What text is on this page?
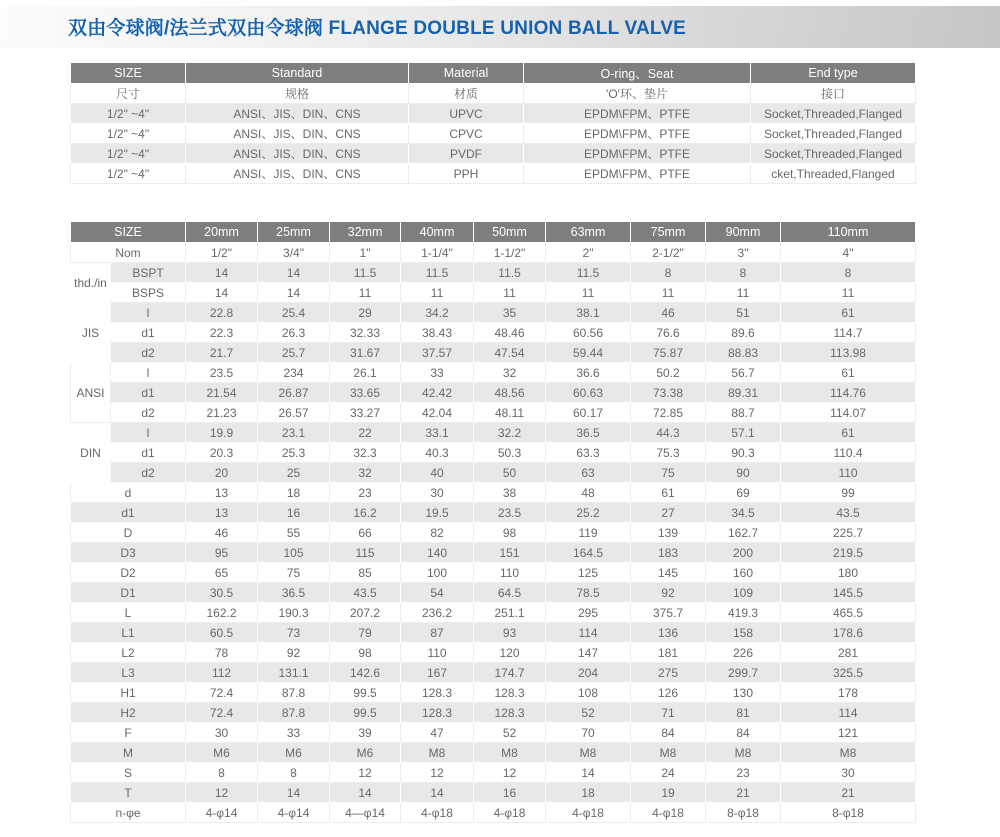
双由令球阀/法兰式双由令球阀 FLANGE DOUBLE UNION BALL VALVE
SIZE	Standard	Material	O-ring、Seat	End type
尺寸	规格	材质	'O'环、垫片	接口
1/2" ~4"	ANSI、JIS、DIN、CNS	UPVC	EPDM\FPM、PTFE	Socket,Threaded,Flanged
1/2" ~4"	ANSI、JIS、DIN、CNS	CPVC	EPDM\FPM、PTFE	Socket,Threaded,Flanged
1/2" ~4"	ANSI、JIS、DIN、CNS	PVDF	EPDM\FPM、PTFE	Socket,Threaded,Flanged
1/2" ~4"	ANSI、JIS、DIN、CNS	PPH	EPDM\FPM、PTFE	cket,Threaded,Flanged
SIZE		20mm	25mm	32mm	40mm	50mm	63mm	75mm	90mm	110mm
Nom		1/2"	3/4"	1"	1-1/4"	1-1/2"	2"	2-1/2"	3"	4"
thd./in	BSPT	14	14	11.5	11.5	11.5	11.5	8	8	8
	BSPS	14	14	11	11	11	11	11	11	11
JIS	l	22.8	25.4	29	34.2	35	38.1	46	51	61
	d1	22.3	26.3	32.33	38.43	48.46	60.56	76.6	89.6	114.7
	d2	21.7	25.7	31.67	37.57	47.54	59.44	75.87	88.83	113.98
ANSI	l	23.5	234	26.1	33	32	36.6	50.2	56.7	61
	d1	21.54	26.87	33.65	42.42	48.56	60.63	73.38	89.31	114.76
	d2	21.23	26.57	33.27	42.04	48.11	60.17	72.85	88.7	114.07
DIN	l	19.9	23.1	22	33.1	32.2	36.5	44.3	57.1	61
	d1	20.3	25.3	32.3	40.3	50.3	63.3	75.3	90.3	110.4
	d2	20	25	32	40	50	63	75	90	110
d		13	18	23	30	38	48	61	69	99
d1		13	16	16.2	19.5	23.5	25.2	27	34.5	43.5
D		46	55	66	82	98	119	139	162.7	225.7
D3		95	105	115	140	151	164.5	183	200	219.5
D2		65	75	85	100	110	125	145	160	180
D1		30.5	36.5	43.5	54	64.5	78.5	92	109	145.5
L		162.2	190.3	207.2	236.2	251.1	295	375.7	419.3	465.5
L1		60.5	73	79	87	93	114	136	158	178.6
L2		78	92	98	110	120	147	181	226	281
L3		112	131.1	142.6	167	174.7	204	275	299.7	325.5
H1		72.4	87.8	99.5	128.3	128.3	108	126	130	178
H2		72.4	87.8	99.5	128.3	128.3	52	71	81	114
F		30	33	39	47	52	70	84	84	121
M		M6	M6	M6	M8	M8	M8	M8	M8	M8
S		8	8	12	12	12	14	24	23	30
T		12	14	14	14	16	18	19	21	21
n-φe		4-φ14	4-φ14	4—φ14	4-φ18	4-φ18	4-φ18	4-φ18	8-φ18	8-φ18
